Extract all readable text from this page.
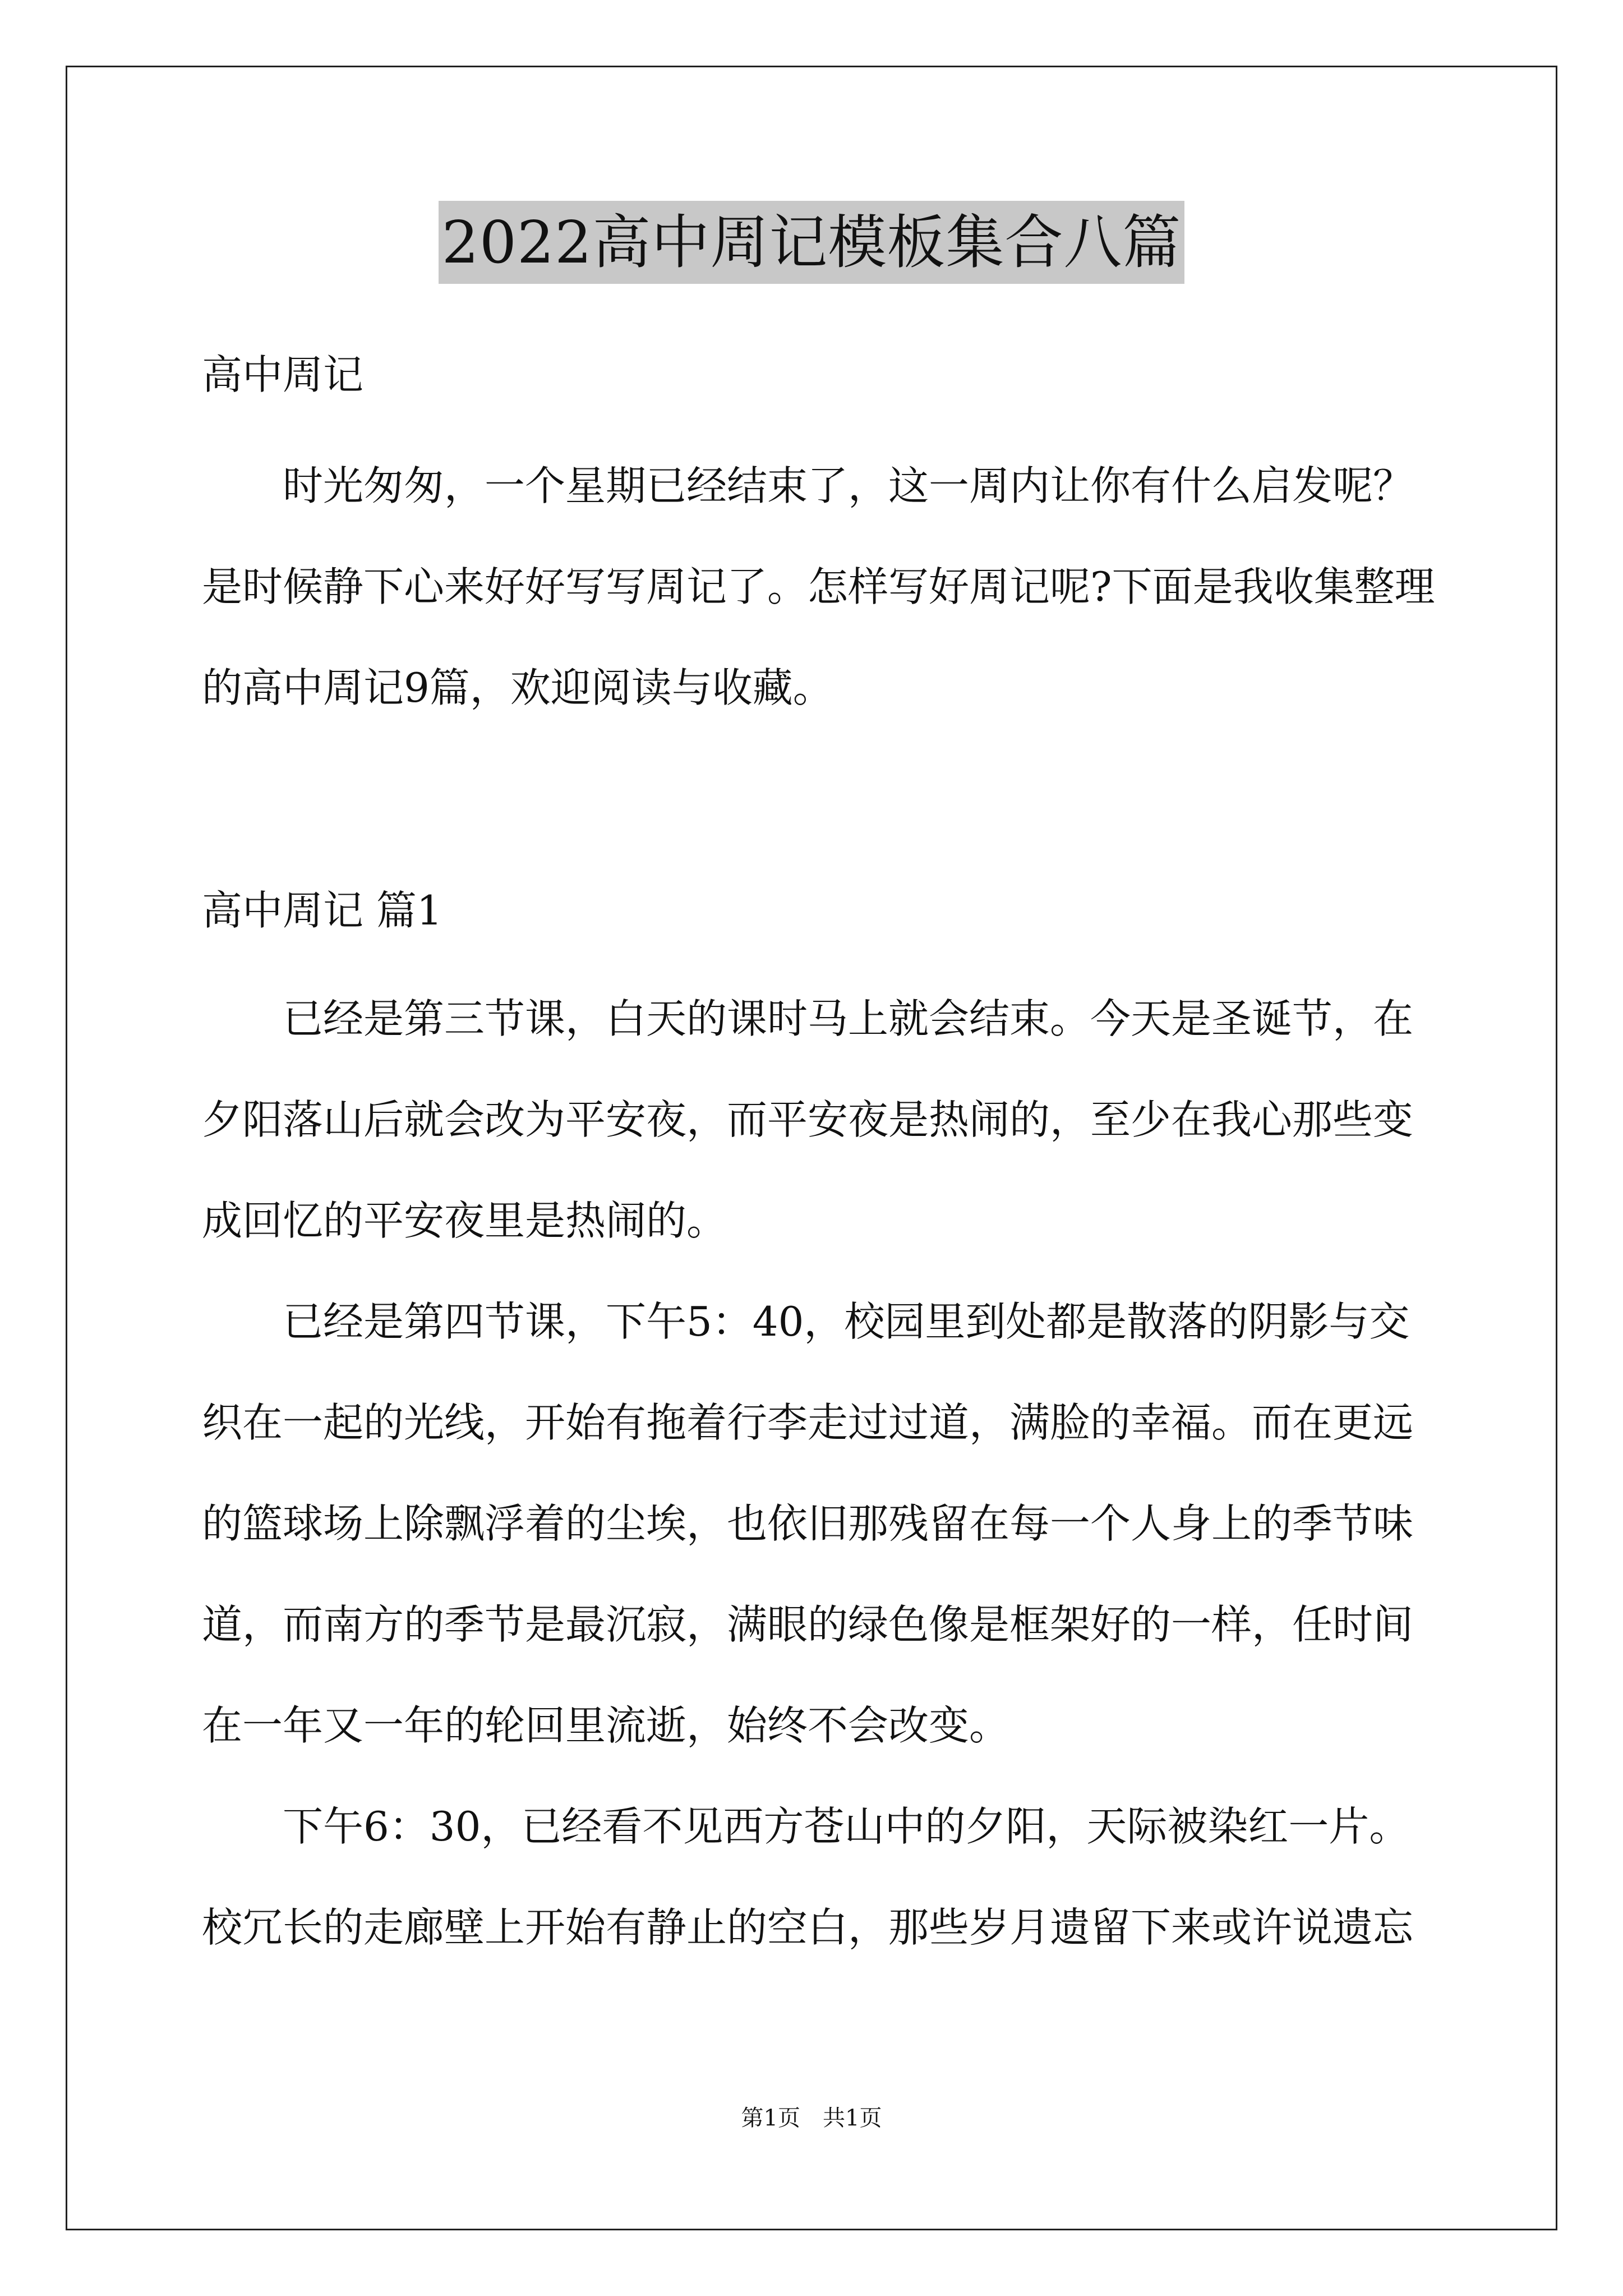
2022高中周记模板集合八篇
高中周记
时光匆匆，一个星期已经结束了，这一周内让你有什么启发呢？
是时候静下心来好好写写周记了。怎样写好周记呢?下面是我收集整理
的高中周记9篇，欢迎阅读与收藏。
高中周记 篇1
已经是第三节课，白天的课时马上就会结束。今天是圣诞节，在
夕阳落山后就会改为平安夜，而平安夜是热闹的，至少在我心那些变
成回忆的平安夜里是热闹的。
已经是第四节课，下午5：40，校园里到处都是散落的阴影与交
织在一起的光线，开始有拖着行李走过过道，满脸的幸福。而在更远
的篮球场上除飘浮着的尘埃，也依旧那残留在每一个人身上的季节味
道，而南方的季节是最沉寂，满眼的绿色像是框架好的一样，任时间
在一年又一年的轮回里流逝，始终不会改变。
下午6：30，已经看不见西方苍山中的夕阳，天际被染红一片。
校冗长的走廊壁上开始有静止的空白，那些岁月遗留下来或许说遗忘
第1页 共1页
